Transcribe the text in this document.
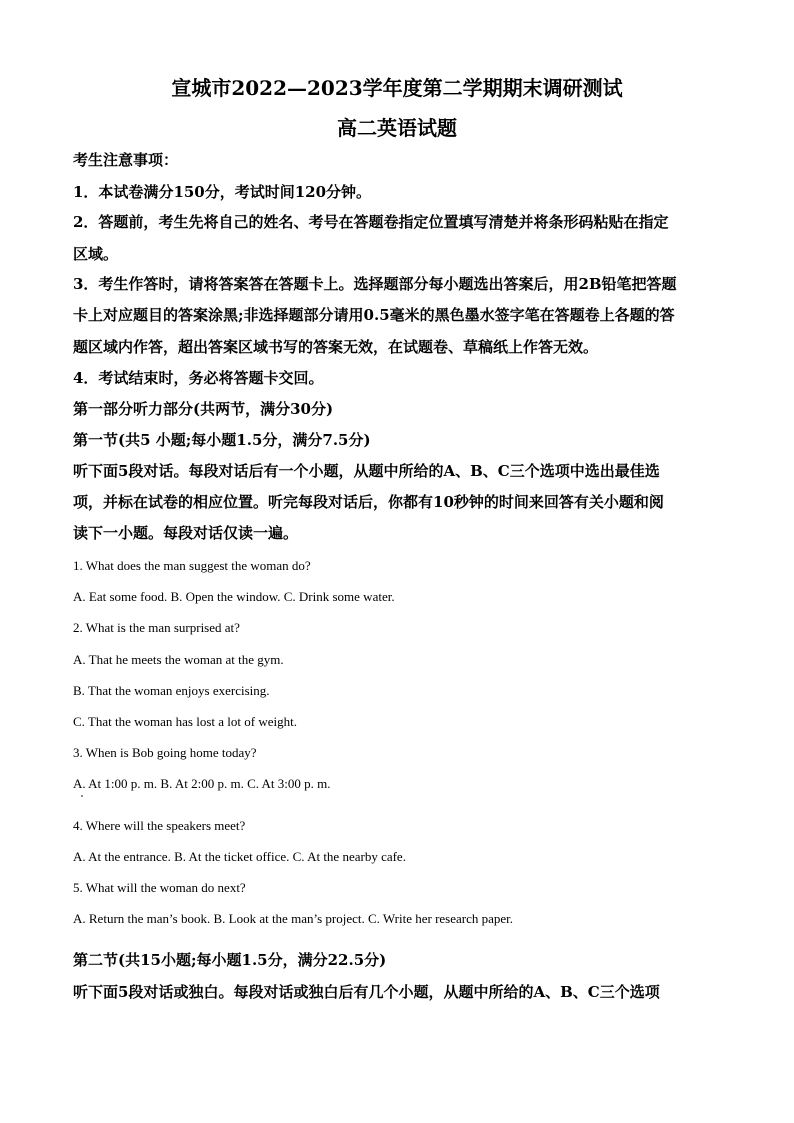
宣城市2022—2023学年度第二学期期末调研测试
高二英语试题
考生注意事项：
1．本试卷满分150分，考试时间120分钟。
2．答题前，考生先将自己的姓名、考号在答题卷指定位置填写清楚并将条形码粘贴在指定
区域。
3．考生作答时，请将答案答在答题卡上。选择题部分每小题选出答案后，用2B铅笔把答题
卡上对应题目的答案涂黑;非选择题部分请用0.5毫米的黑色墨水签字笔在答题卷上各题的答
题区域内作答，超出答案区域书写的答案无效，在试题卷、草稿纸上作答无效。
4．考试结束时，务必将答题卡交回。
第一部分听力部分(共两节，满分30分)
第一节(共5 小题;每小题1.5分，满分7.5分)
听下面5段对话。每段对话后有一个小题，从题中所给的A、B、C三个选项中选出最佳选
项，并标在试卷的相应位置。听完每段对话后，你都有10秒钟的时间来回答有关小题和阅
读下一小题。每段对话仅读一遍。
1. What does the man suggest the woman do?
A. Eat some food. B. Open the window. C. Drink some water.
2. What is the man surprised at?
A. That he meets the woman at the gym.
B. That the woman enjoys exercising.
C. That the woman has lost a lot of weight.
3. When is Bob going home today?
A. At 1:00 p. m. B. At 2:00 p. m. C. At 3:00 p. m.
4. Where will the speakers meet?
A. At the entrance. B. At the ticket office. C. At the nearby cafe.
5. What will the woman do next?
A. Return the man’s book. B. Look at the man’s project. C. Write her research paper.
第二节(共15小题;每小题1.5分，满分22.5分)
听下面5段对话或独白。每段对话或独白后有几个小题，从题中所给的A、B、C三个选项
